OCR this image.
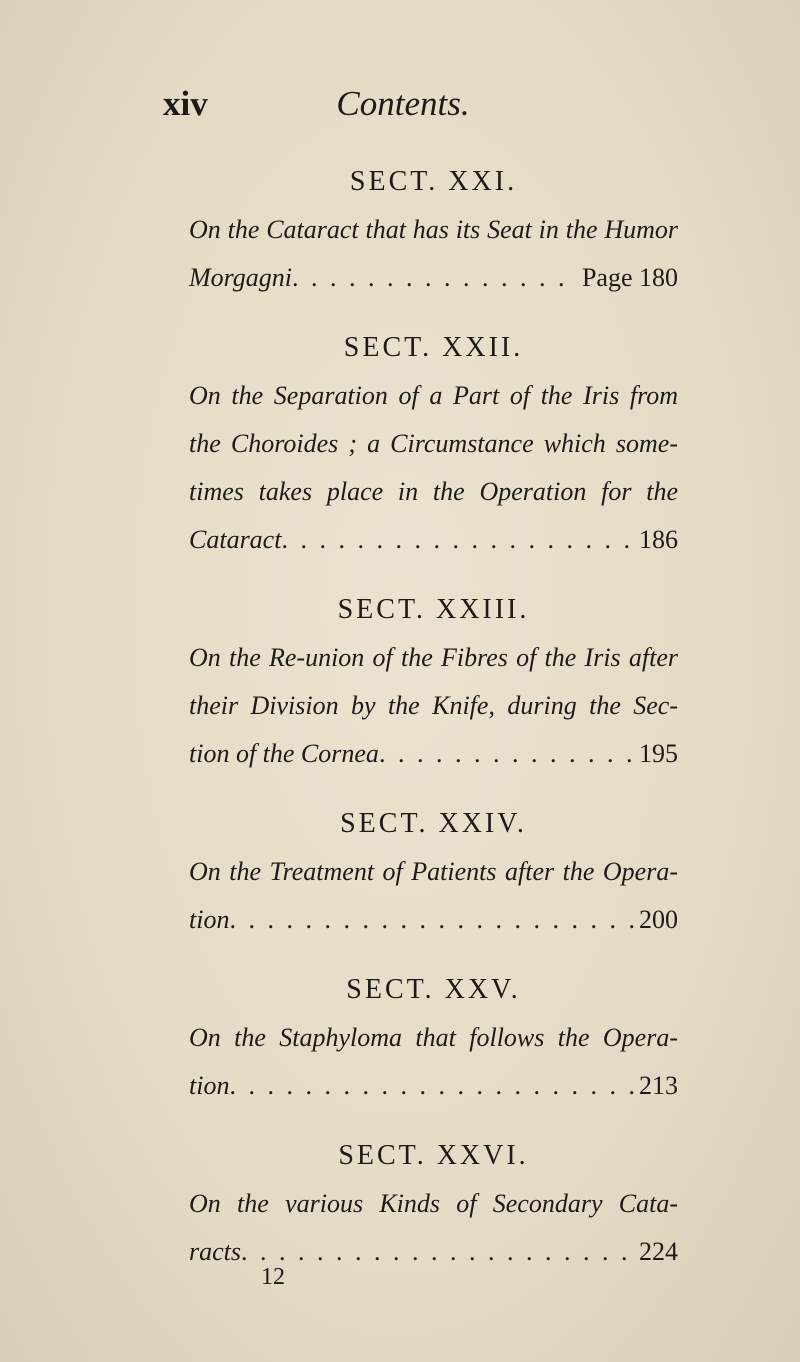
xiv	Contents.
SECT. XXI.
On the Cataract that has its Seat in the Humor
Morgagni . . .	Page 180
SECT. XXII.
On the Separation of a Part of the Iris from
the Choroides ; a Circumstance which some-
times takes place in the Operation for the
Cataract . . .	186
SECT. XXIII.
On the Re-union of the Fibres of the Iris after
their Division by the Knife, during the Sec-
tion of the Cornea . . .	195
SECT. XXIV.
On the Treatment of Patients after the Opera-
tion . . .	200
SECT. XXV.
On the Staphyloma that follows the Opera-
tion . . .	213
SECT. XXVI.
On the various Kinds of Secondary Cata-
racts . . .	224
12
